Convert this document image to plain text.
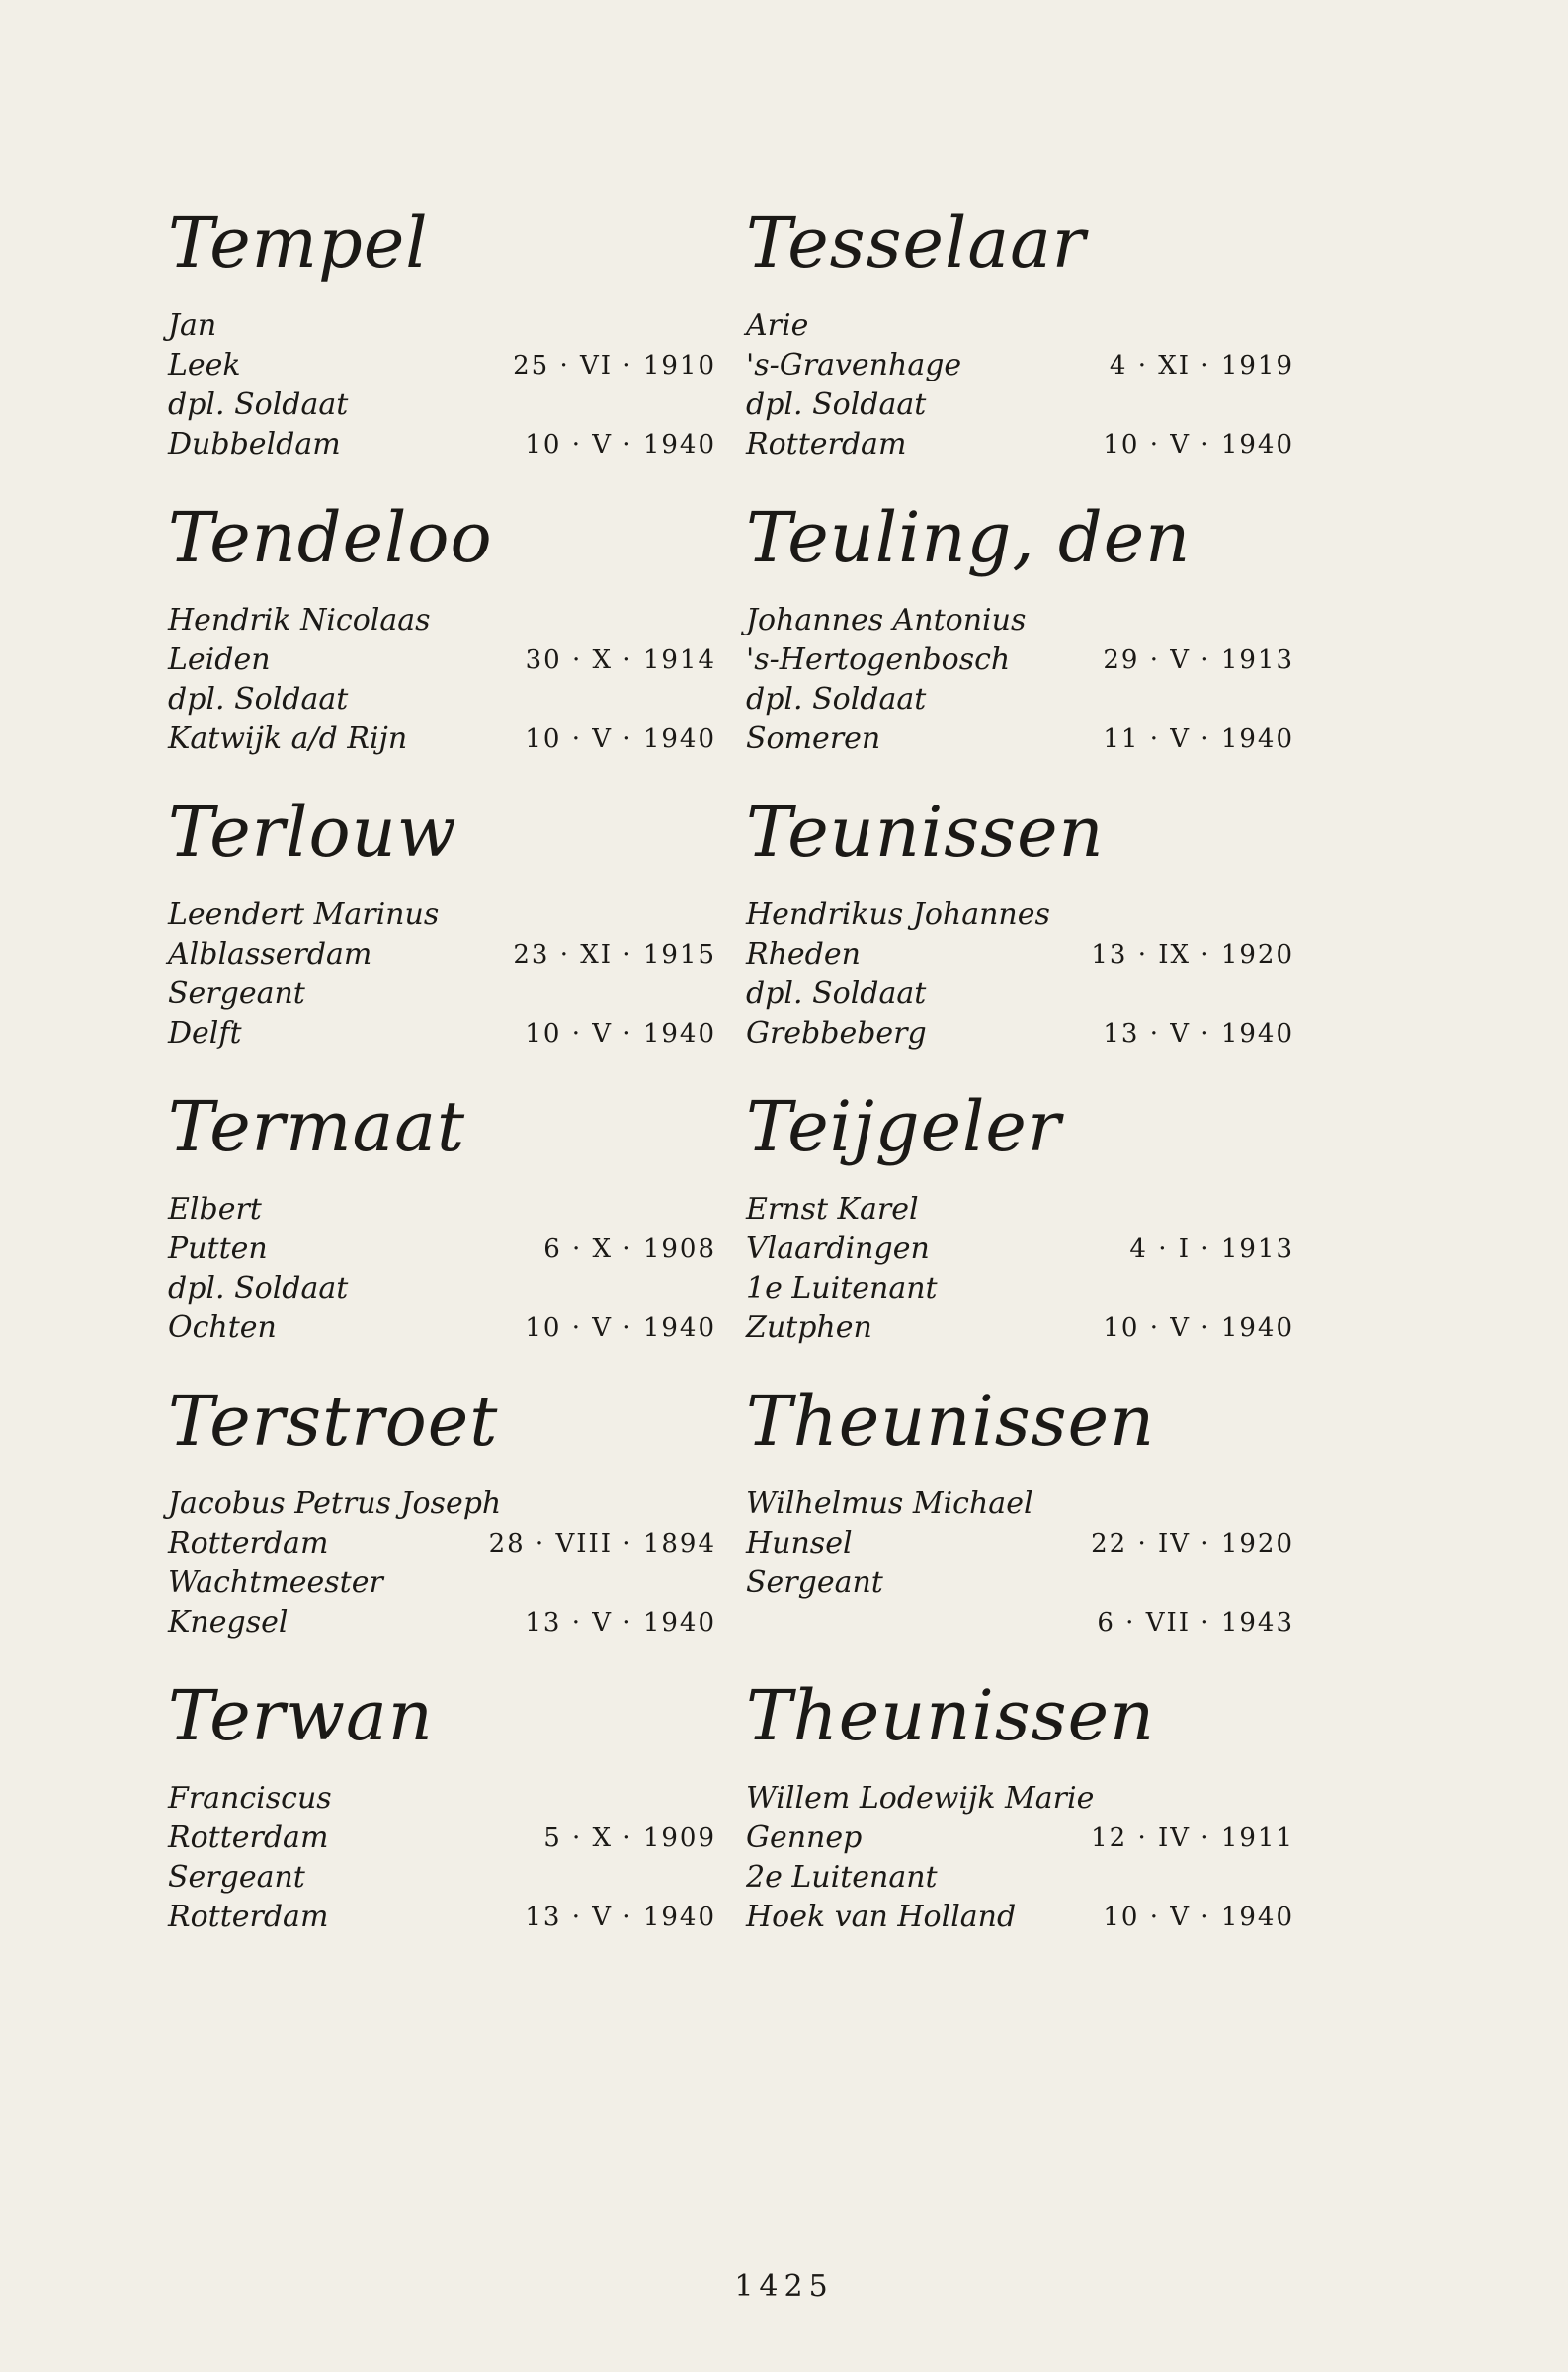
Tempel
Jan
Leek	25 · VI · 1910
dpl. Soldaat
Dubbeldam	10 · V · 1940
Tendeloo
Hendrik Nicolaas
Leiden	30 · X · 1914
dpl. Soldaat
Katwijk a/d Rijn	10 · V · 1940
Terlouw
Leendert Marinus
Alblasserdam	23 · XI · 1915
Sergeant
Delft	10 · V · 1940
Termaat
Elbert
Putten	6 · X · 1908
dpl. Soldaat
Ochten	10 · V · 1940
Terstroet
Jacobus Petrus Joseph
Rotterdam	28 · VIII · 1894
Wachtmeester
Knegsel	13 · V · 1940
Terwan
Franciscus
Rotterdam	5 · X · 1909
Sergeant
Rotterdam	13 · V · 1940
Tesselaar
Arie
's-Gravenhage	4 · XI · 1919
dpl. Soldaat
Rotterdam	10 · V · 1940
Teuling, den
Johannes Antonius
's-Hertogenbosch	29 · V · 1913
dpl. Soldaat
Someren	11 · V · 1940
Teunissen
Hendrikus Johannes
Rheden	13 · IX · 1920
dpl. Soldaat
Grebbeberg	13 · V · 1940
Teijgeler
Ernst Karel
Vlaardingen	4 · I · 1913
1e Luitenant
Zutphen	10 · V · 1940
Theunissen
Wilhelmus Michael
Hunsel	22 · IV · 1920
Sergeant
6 · VII · 1943
Theunissen
Willem Lodewijk Marie
Gennep	12 · IV · 1911
2e Luitenant
Hoek van Holland	10 · V · 1940
1425
